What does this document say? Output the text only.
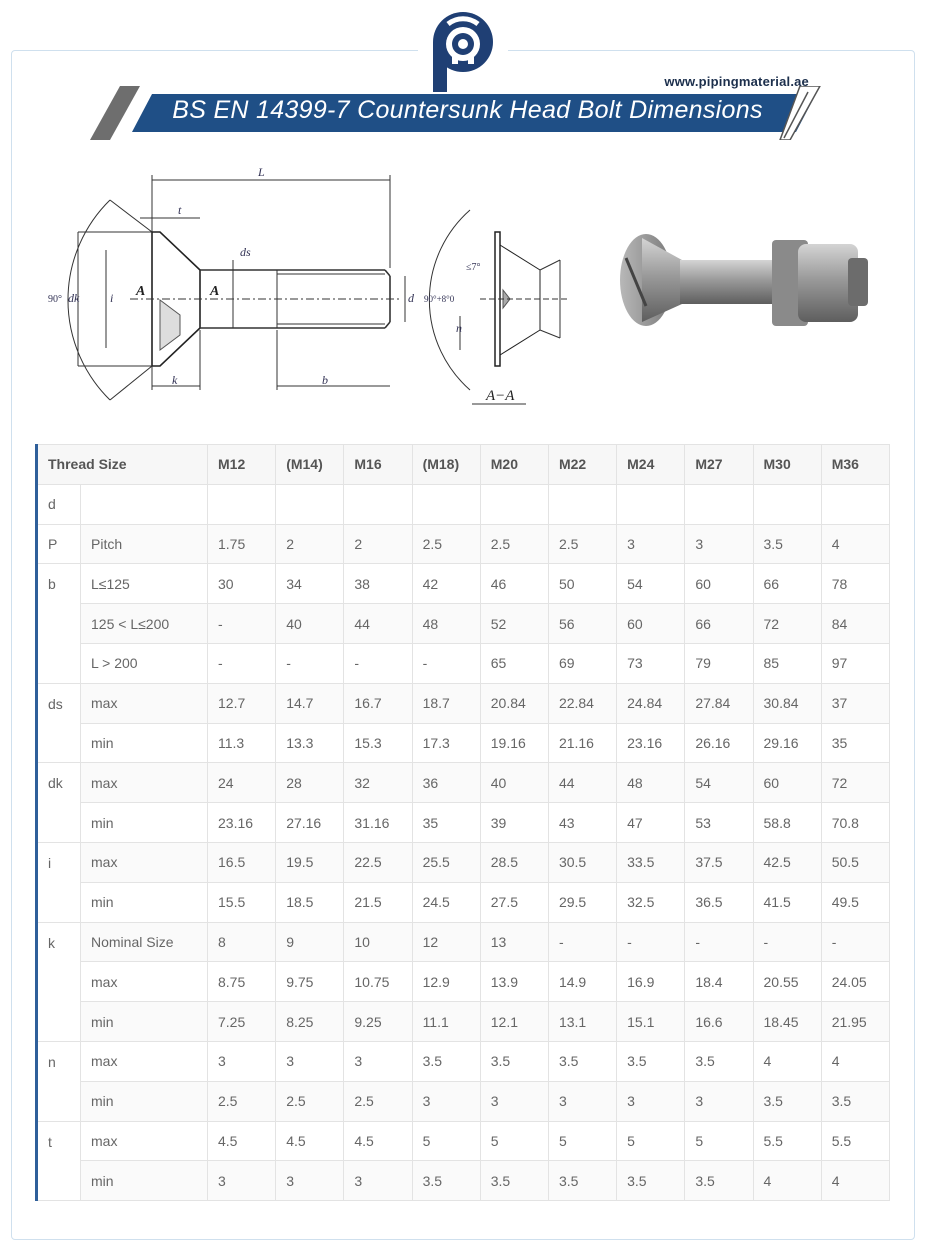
www.pipingmaterial.ae
BS EN 14399-7 Countersunk Head Bolt Dimensions
L
t
ds
dk	i	d
k	b
A	A
90°
≤7°
n
90°+8°0
A−A
Thread Size		M12	(M14)	M16	(M18)	M20	M22	M24	M27	M30	M36
d											
P	Pitch	1.75	2	2	2.5	2.5	2.5	3	3	3.5	4
b	L≤125	30	34	38	42	46	50	54	60	66	78
	125 < L≤200	-	40	44	48	52	56	60	66	72	84
	L > 200	-	-	-	-	65	69	73	79	85	97
ds	max	12.7	14.7	16.7	18.7	20.84	22.84	24.84	27.84	30.84	37
	min	11.3	13.3	15.3	17.3	19.16	21.16	23.16	26.16	29.16	35
dk	max	24	28	32	36	40	44	48	54	60	72
	min	23.16	27.16	31.16	35	39	43	47	53	58.8	70.8
i	max	16.5	19.5	22.5	25.5	28.5	30.5	33.5	37.5	42.5	50.5
	min	15.5	18.5	21.5	24.5	27.5	29.5	32.5	36.5	41.5	49.5
k	Nominal Size	8	9	10	12	13	-	-	-	-	-
	max	8.75	9.75	10.75	12.9	13.9	14.9	16.9	18.4	20.55	24.05
	min	7.25	8.25	9.25	11.1	12.1	13.1	15.1	16.6	18.45	21.95
n	max	3	3	3	3.5	3.5	3.5	3.5	3.5	4	4
	min	2.5	2.5	2.5	3	3	3	3	3	3.5	3.5
t	max	4.5	4.5	4.5	5	5	5	5	5	5.5	5.5
	min	3	3	3	3.5	3.5	3.5	3.5	3.5	4	4
